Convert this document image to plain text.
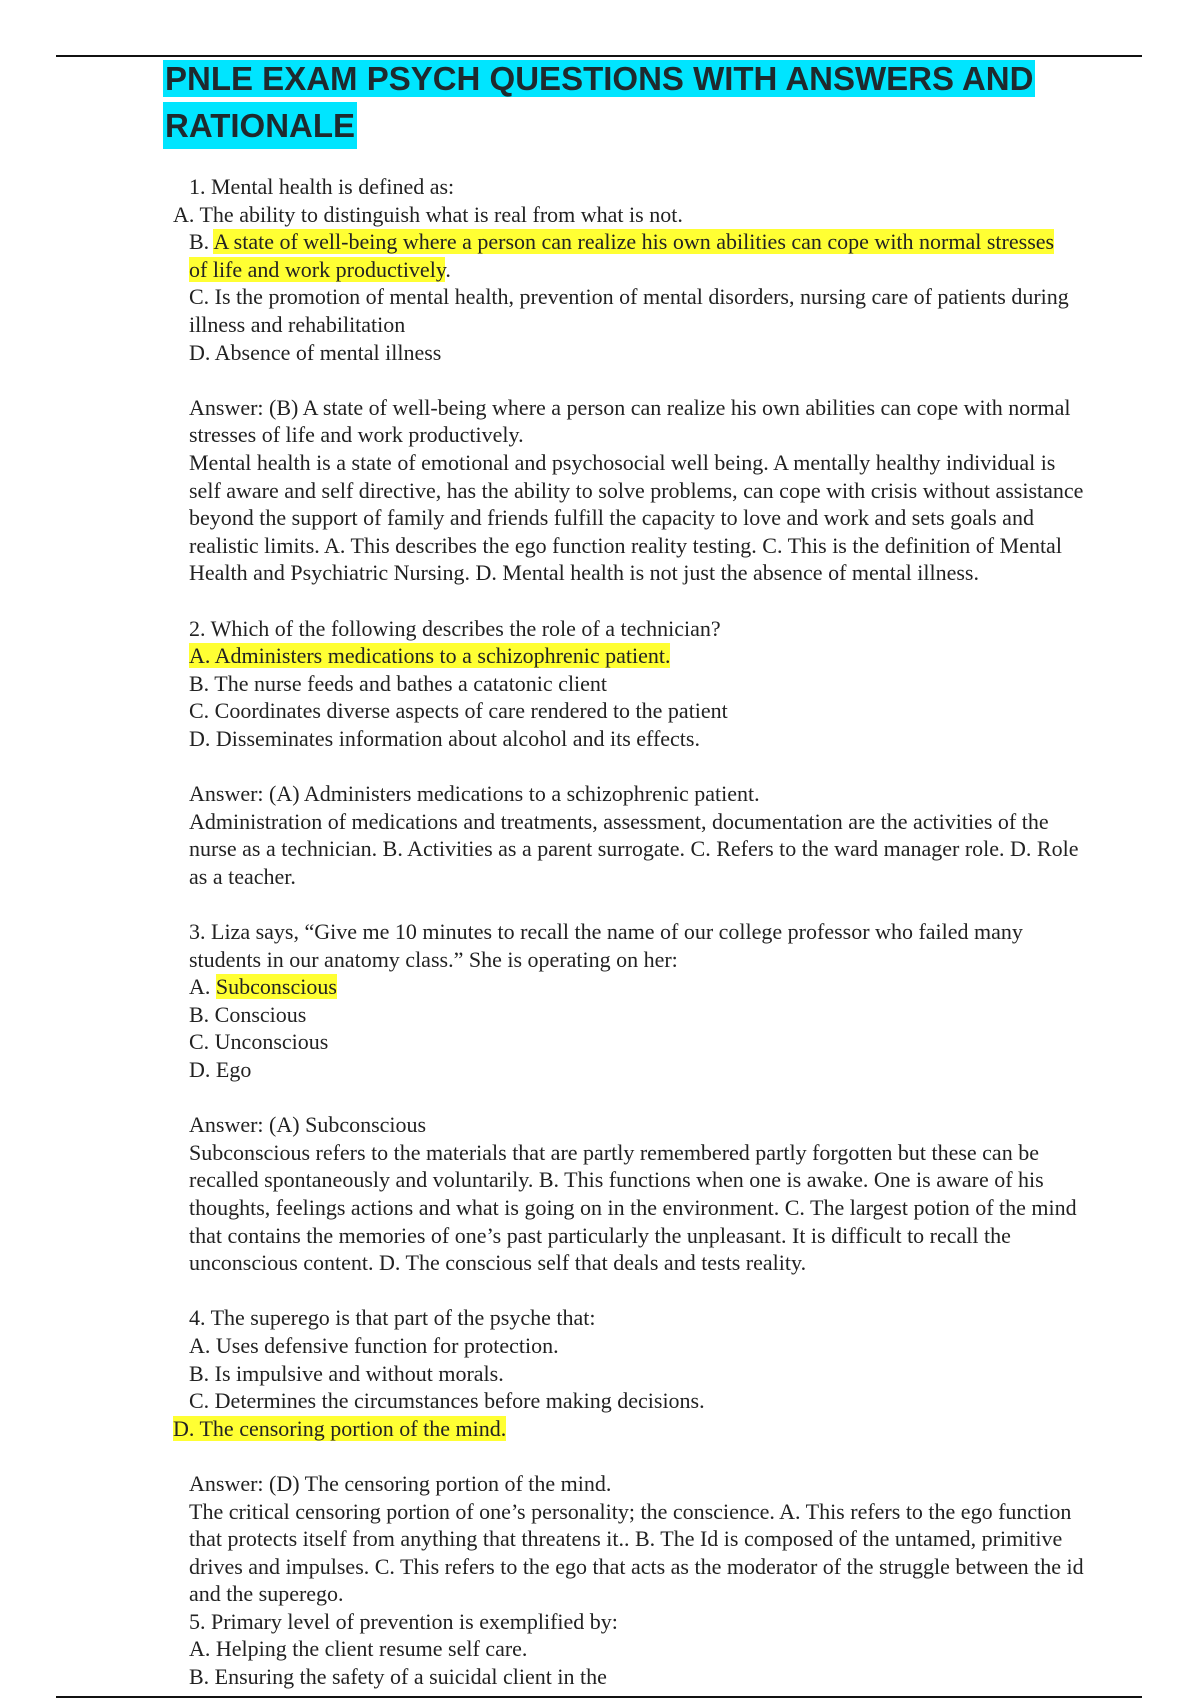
PNLE EXAM PSYCH QUESTIONS WITH ANSWERS AND
RATIONALE
1. Mental health is defined as:
A. The ability to distinguish what is real from what is not.
B. A state of well-being where a person can realize his own abilities can cope with normal stresses
of life and work productively.
C. Is the promotion of mental health, prevention of mental disorders, nursing care of patients during
illness and rehabilitation
D. Absence of mental illness
Answer: (B) A state of well-being where a person can realize his own abilities can cope with normal
stresses of life and work productively.
Mental health is a state of emotional and psychosocial well being. A mentally healthy individual is
self aware and self directive, has the ability to solve problems, can cope with crisis without assistance
beyond the support of family and friends fulfill the capacity to love and work and sets goals and
realistic limits. A. This describes the ego function reality testing. C. This is the definition of Mental
Health and Psychiatric Nursing. D. Mental health is not just the absence of mental illness.
2. Which of the following describes the role of a technician?
A. Administers medications to a schizophrenic patient.
B. The nurse feeds and bathes a catatonic client
C. Coordinates diverse aspects of care rendered to the patient
D. Disseminates information about alcohol and its effects.
Answer: (A) Administers medications to a schizophrenic patient.
Administration of medications and treatments, assessment, documentation are the activities of the
nurse as a technician. B. Activities as a parent surrogate. C. Refers to the ward manager role. D. Role
as a teacher.
3. Liza says, “Give me 10 minutes to recall the name of our college professor who failed many
students in our anatomy class.” She is operating on her:
A. Subconscious
B. Conscious
C. Unconscious
D. Ego
Answer: (A) Subconscious
Subconscious refers to the materials that are partly remembered partly forgotten but these can be
recalled spontaneously and voluntarily. B. This functions when one is awake. One is aware of his
thoughts, feelings actions and what is going on in the environment. C. The largest potion of the mind
that contains the memories of one’s past particularly the unpleasant. It is difficult to recall the
unconscious content. D. The conscious self that deals and tests reality.
4. The superego is that part of the psyche that:
A. Uses defensive function for protection.
B. Is impulsive and without morals.
C. Determines the circumstances before making decisions.
D. The censoring portion of the mind.
Answer: (D) The censoring portion of the mind.
The critical censoring portion of one’s personality; the conscience. A. This refers to the ego function
that protects itself from anything that threatens it.. B. The Id is composed of the untamed, primitive
drives and impulses. C. This refers to the ego that acts as the moderator of the struggle between the id
and the superego.
5. Primary level of prevention is exemplified by:
A. Helping the client resume self care.
B. Ensuring the safety of a suicidal client in the
